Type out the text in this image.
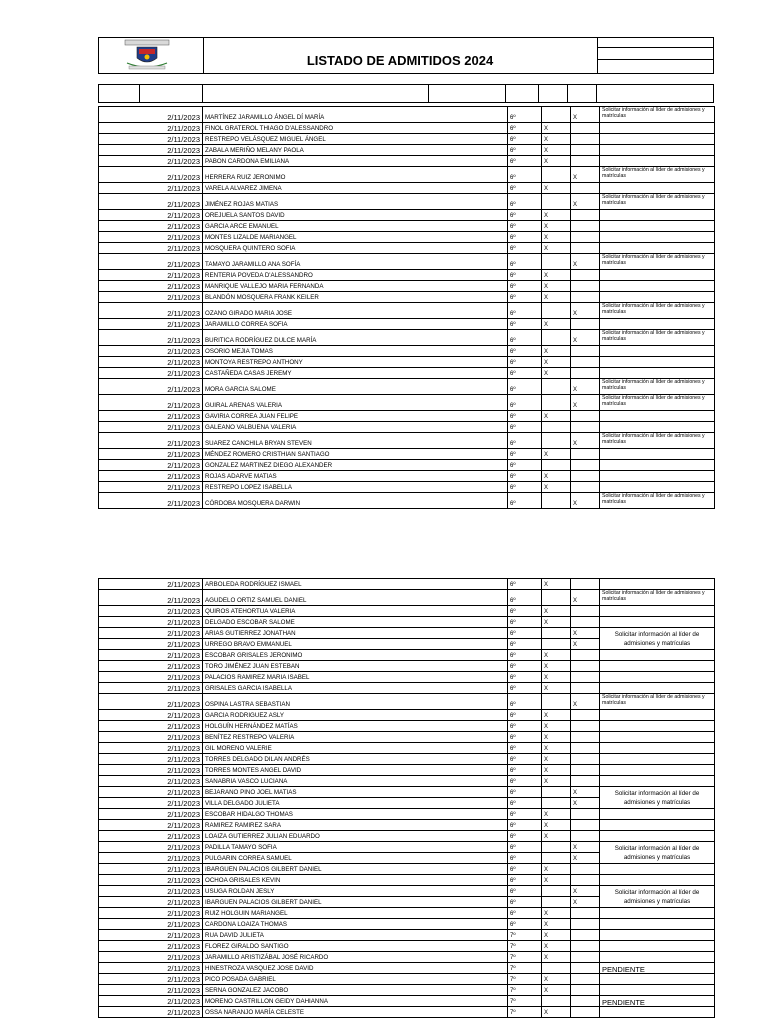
LISTADO DE ADMITIDOS 2024
2/11/2023	MARTÍNEZ JARAMILLO ÁNGEL DÍ MARÍA	6º		X	Solicitar información al líder de admisiones y matrículas
2/11/2023	FINOL GRATEROL THIAGO D'ALESSANDRO	6º	X		
2/11/2023	RESTREPO VELÁSQUEZ MIGUEL ÁNGEL	6º	X		
2/11/2023	ZABALA MERIÑO MELANY PAOLA	6º	X		
2/11/2023	PABON CARDONA EMILIANA	6º	X		
2/11/2023	HERRERA RUIZ JERONIMO	6º		X	Solicitar información al líder de admisiones y matrículas
2/11/2023	VARELA ALVAREZ JIMENA	6º	X		
2/11/2023	JIMÉNEZ ROJAS MATIAS	6º		X	Solicitar información al líder de admisiones y matrículas
2/11/2023	OREJUELA SANTOS DAVID	6º	X		
2/11/2023	GARCIA ARCE EMANUEL	6º	X		
2/11/2023	MONTES LIZALDE MARIANGEL	6º	X		
2/11/2023	MOSQUERA QUINTERO SOFIA	6º	X		
2/11/2023	TAMAYO JARAMILLO ANA SOFÍA	6º		X	Solicitar información al líder de admisiones y matrículas
2/11/2023	RENTERIA POVEDA D'ALESSANDRO	6º	X		
2/11/2023	MANRIQUE VALLEJO MARIA FERNANDA	6º	X		
2/11/2023	BLANDÓN MOSQUERA FRANK KEILER	6º	X		
2/11/2023	OZANO GIRADO MARIA JOSE	6º		X	Solicitar información al líder de admisiones y matrículas
2/11/2023	JARAMILLO CORREA SOFIA	6º	X		
2/11/2023	BURITICA RODRÍGUEZ DULCE MARÍA	6º		X	Solicitar información al líder de admisiones y matrículas
2/11/2023	OSORIO MEJIA TOMAS	6º	X		
2/11/2023	MONTOYA RESTREPO ANTHONY	6º	X		
2/11/2023	CASTAÑEDA CASAS JEREMY	6º	X		
2/11/2023	MORA GARCIA SALOME	6º		X	Solicitar información al líder de admisiones y matrículas
2/11/2023	GUIRAL ARENAS VALERIA	6º		X	Solicitar información al líder de admisiones y matrículas
2/11/2023	GAVIRIA CORREA JUAN FELIPE	6º	X		
2/11/2023	GALEANO VALBUENA VALERIA	6º			
2/11/2023	SUAREZ CANCHILA BRYAN STEVEN	6º		X	Solicitar información al líder de admisiones y matrículas
2/11/2023	MÉNDEZ ROMERO CRISTHIAN SANTIAGO	6º	X		
2/11/2023	GONZALEZ MARTINEZ DIEGO ALEXANDER	6º			
2/11/2023	ROJAS ADARVE MATIAS	6º	X		
2/11/2023	RESTREPO LOPEZ ISABELLA	6º	X		
2/11/2023	CÓRDOBA MOSQUERA DARWIN	6º		X	Solicitar información al líder de admisiones y matrículas
2/11/2023	ARBOLEDA RODRÍGUEZ ISMAEL	6º	X		
2/11/2023	AGUDELO ORTIZ SAMUEL DANIEL	6º		X	Solicitar información al líder de admisiones y matrículas
2/11/2023	QUIROS ATEHORTUA VALERIA	6º	X		
2/11/2023	DELGADO ESCOBAR SALOME	6º	X		
2/11/2023	ARIAS GUTIERREZ JONATHAN	6º		X	Solicitar información al líder de admisiones y matrículas
2/11/2023	URREGO BRAVO EMMANUEL	6º		X	
2/11/2023	ESCOBAR GRISALES JERONIMO	6º	X		
2/11/2023	TORO JIMÉNEZ JUAN ESTEBAN	6º	X		
2/11/2023	PALACIOS RAMIREZ MARIA ISABEL	6º	X		
2/11/2023	GRISALES GARCIA ISABELLA	6º	X		
2/11/2023	OSPINA LASTRA SEBASTIAN	6º		X	Solicitar información al líder de admisiones y matrículas
2/11/2023	GARCIA RODRIGUEZ ASLY	6º	X		
2/11/2023	HOLGUÍN HERNÁNDEZ MATÍAS	6º	X		
2/11/2023	BENÍTEZ RESTREPO VALERIA	6º	X		
2/11/2023	GIL MORENO VALERIE	6º	X		
2/11/2023	TORRES DELGADO DILAN ANDRÉS	6º	X		
2/11/2023	TORRES MONTES ANGEL DAVID	6º	X		
2/11/2023	SANABRIA VASCO LUCIANA	6º	X		
2/11/2023	BEJARANO PINO JOEL MATIAS	6º		X	Solicitar información al líder de admisiones y matrículas
2/11/2023	VILLA DELGADO JULIETA	6º		X	
2/11/2023	ESCOBAR HIDALGO THOMAS	6º	X		
2/11/2023	RAMIREZ RAMIREZ SARA	6º	X		
2/11/2023	LOAIZA GUTIERREZ JULIAN EDUARDO	6º	X		
2/11/2023	PADILLA TAMAYO SOFIA	6º		X	Solicitar información al líder de admisiones y matrículas
2/11/2023	PULGARIN CORREA SAMUEL	6º		X	
2/11/2023	IBARGUEN PALACIOS GILBERT DANIEL	6º	X		
2/11/2023	OCHOA GRISALES KEVIN	6º	X		
2/11/2023	USUGA ROLDAN JESLY	6º		X	Solicitar información al líder de admisiones y matrículas
2/11/2023	IBARGUEN PALACIOS GILBERT DANIEL	6º		X	
2/11/2023	RUIZ HOLGUIN MARIANGEL	6º	X		
2/11/2023	CARDONA LOAIZA THOMAS	6º	X		
2/11/2023	RUA DAVID JULIETA	7º	X		
2/11/2023	FLOREZ GIRALDO SANTIGO	7º	X		
2/11/2023	JARAMILLO ARISTIZÁBAL JOSÉ RICARDO	7º	X		
2/11/2023	HINESTROZA VASQUEZ JOSE DAVID	7º			PENDIENTE
2/11/2023	PICO POSADA GABRIEL	7º	X		
2/11/2023	SERNA GONZALEZ JACOBO	7º	X		
2/11/2023	MORENO CASTRILLON GEIDY DAHIANNA	7º			PENDIENTE
2/11/2023	OSSA NARANJO MARÍA CELESTE	7º	X		
